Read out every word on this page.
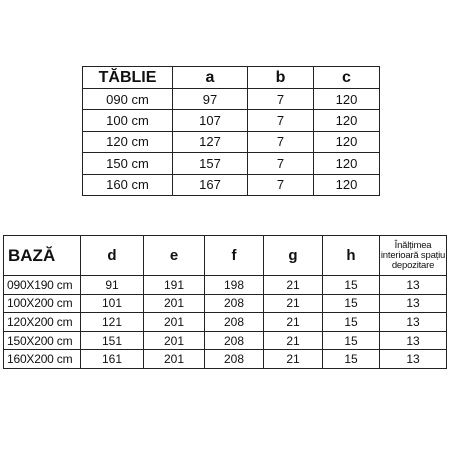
TĂBLIE	a	b	c
090 cm	97	7	120
100 cm	107	7	120
120 cm	127	7	120
150 cm	157	7	120
160 cm	167	7	120
BAZĂ	d	e	f	g	h	Înălțimea interioară spațiu depozitare
090X190 cm	91	191	198	21	15	13
100X200 cm	101	201	208	21	15	13
120X200 cm	121	201	208	21	15	13
150X200 cm	151	201	208	21	15	13
160X200 cm	161	201	208	21	15	13
